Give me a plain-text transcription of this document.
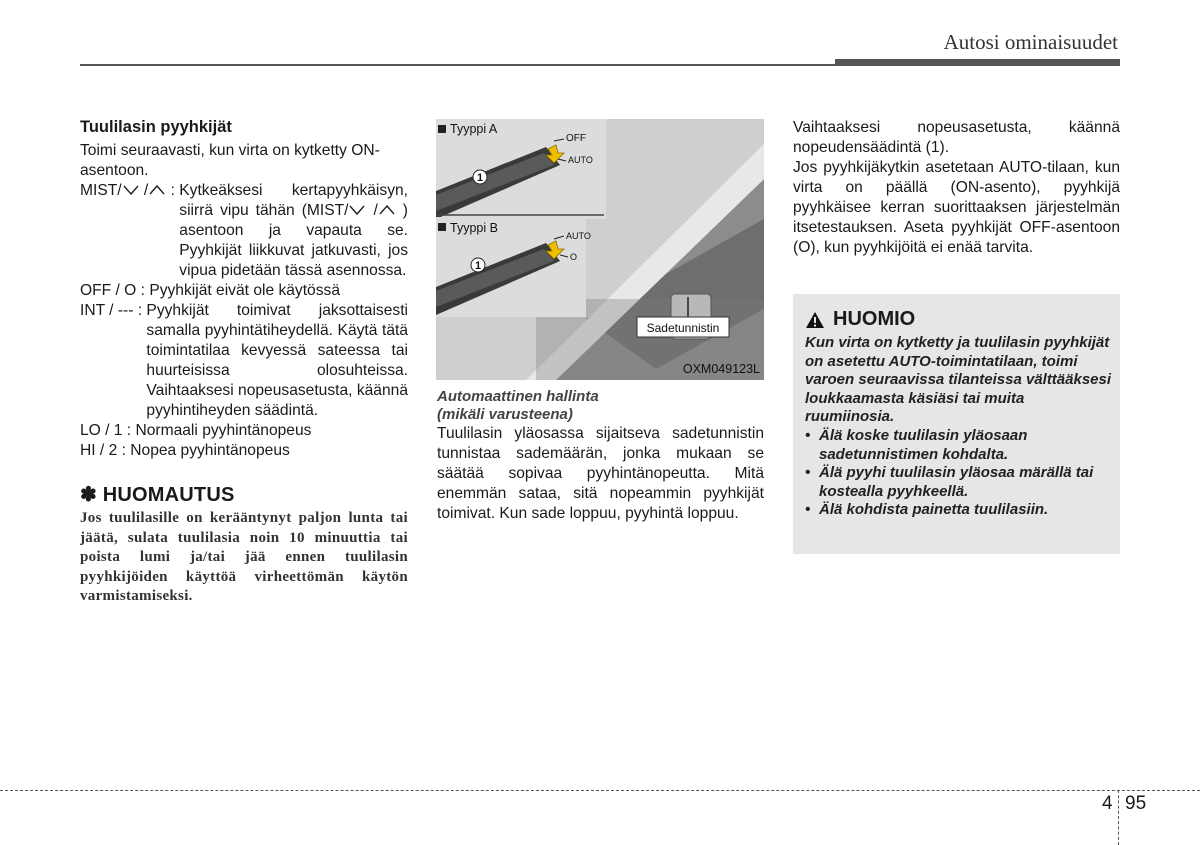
Autosi ominaisuudet
Tuulilasin pyyhkijät

Toimi seuraavasti, kun virta on kytketty ON-asentoon.

MIST/ / : Kytkeäksesi kertapyyhkäisyn, siirrä vipu tähän (MIST/ / ) asentoon ja vapauta se. Pyyhkijät liikkuvat jatkuvasti, jos vipua pidetään tässä asennossa.
OFF / O : Pyyhkijät eivät ole käytössä
INT / --- : Pyyhkijät toimivat jaksottaisesti samalla pyyhintätiheydellä. Käytä tätä toimintatilaa kevyessä sateessa tai huurteisissa olosuhteissa. Vaihtaaksesi nopeusasetusta, käännä pyyhintiheyden säädintä.

LO / 1 : Normaali pyyhintänopeus

HI / 2 : Nopea pyyhintänopeus

✽ HUOMAUTUS
Jos tuulilasille on kerääntynyt paljon lunta tai jäätä, sulata tuulilasia noin 10 minuuttia tai poista lumi ja/tai jää ennen tuulilasin pyyhkijöiden käyttöä virheettömän käytön varmistamiseksi.
Sadetunnistin
OXM049123L
Tyyppi A
1
OFF
AUTO
Tyyppi B
1
AUTO
O
Automaattinen hallinta
(mikäli varusteena)

Tuulilasin yläosassa sijaitseva sadetunnistin tunnistaa sademäärän, jonka mukaan se säätää sopivaa pyyhintänopeutta. Mitä enemmän sataa, sitä nopeammin pyyhkijät toimivat. Kun sade loppuu, pyyhintä loppuu.

Vaihtaaksesi nopeusasetusta, käännä nopeudensäädintä (1).

Jos pyyhkijäkytkin asetetaan AUTO-tilaan, kun virta on päällä (ON-asento), pyyhkijä pyyhkäisee kerran suorittaaksen järjestelmän itsetestauksen. Aseta pyyhkijät OFF-asentoon (O), kun pyyhkijöitä ei enää tarvita.

HUOMIO
Kun virta on kytketty ja tuulilasin pyyhkijät on asetettu AUTO-toimintatilaan, toimi varoen seuraavissa tilanteissa välttääksesi loukkaamasta käsiäsi tai muita ruumiinosia.
• Älä koske tuulilasin yläosaan sadetunnistimen kohdalta.
• Älä pyyhi tuulilasin yläosaa märällä tai kostealla pyyhkeellä.
• Älä kohdista painetta tuulilasiin.
4 95
